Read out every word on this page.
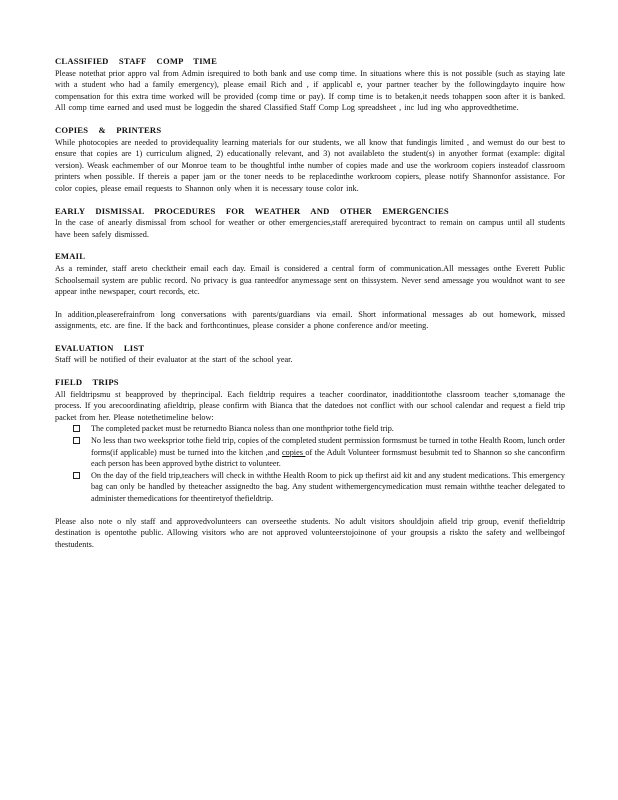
CLASSIFIED STAFF COMP TIME
Please notethat prior appro val from Admin isrequired to both bank and use comp time. In situations where this is not possible (such as staying late with a student who had a family emergency), please email Rich and , if applicabl e, your partner teacher by the followingdayto inquire how compensation for this extra time worked will be provided (comp time or pay). If comp time is to betaken,it needs tohappen soon after it is banked. All comp time earned and used must be loggedin the shared Classified Staff Comp Log spreadsheet , inc lud ing who approvedthetime.
COPIES & PRINTERS
While photocopies are needed to providequality learning materials for our students, we all know that fundingis limited , and wemust do our best to ensure that copies are 1) curriculum aligned, 2) educationally relevant, and 3) not availableto the student(s) in anyother format (example: digital version). Weask eachmember of our Monroe team to be thoughtful inthe number of copies made and use the workroom copiers insteadof classroom printers when possible. If thereis a paper jam or the toner needs to be replacedinthe workroom copiers, please notify Shannonfor assistance. For color copies, please email requests to Shannon only when it is necessary touse color ink.
EARLY DISMISSAL PROCEDURES FOR WEATHER AND OTHER EMERGENCIES
In the case of anearly dismissal from school for weather or other emergencies,staff arerequired bycontract to remain on campus until all students have been safely dismissed.
EMAIL
As a reminder, staff areto checktheir email each day. Email is considered a central form of communication.All messages onthe Everett Public Schoolsemail system are public record. No privacy is gua ranteedfor anymessage sent on thissystem. Never send amessage you wouldnot want to see appear inthe newspaper, court records, etc.
In addition,pleaserefrainfrom long conversations with parents/guardians via email. Short informational messages ab out homework, missed assignments, etc. are fine. If the back and forthcontinues, please consider a phone conference and/or meeting.
EVALUATION LIST
Staff will be notified of their evaluator at the start of the school year.
FIELD TRIPS
All fieldtripsmu st beapproved by theprincipal. Each fieldtrip requires a teacher coordinator, inadditiontothe classroom teacher s,tomanage the process. If you arecoordinating afieldtrip, please confirm with Bianca that the datedoes not conflict with our school calendar and request a field trip packet from her. Please notethetimeline below:
The completed packet must be returnedto Bianca noless than one monthprior tothe field trip.
No less than two weeksprior tothe field trip, copies of the completed student permission formsmust be turned in tothe Health Room, lunch order forms(if applicable) must be turned into the kitchen ,and copies of the Adult Volunteer formsmust besubmit ted to Shannon so she canconfirm each person has been approved bythe district to volunteer.
On the day of the field trip,teachers will check in withthe Health Room to pick up thefirst aid kit and any student medications. This emergency bag can only be handled by theteacher assignedto the bag. Any student withemergencymedication must remain withthe teacher delegated to administer themedications for theentiretyof thefieldtrip.
Please also note o nly staff and approvedvolunteers can overseethe students. No adult visitors shouldjoin afield trip group, evenif thefieldtrip destination is opentothe public. Allowing visitors who are not approved volunteerstojoinone of your groupsis a riskto the safety and wellbeingof thestudents.
